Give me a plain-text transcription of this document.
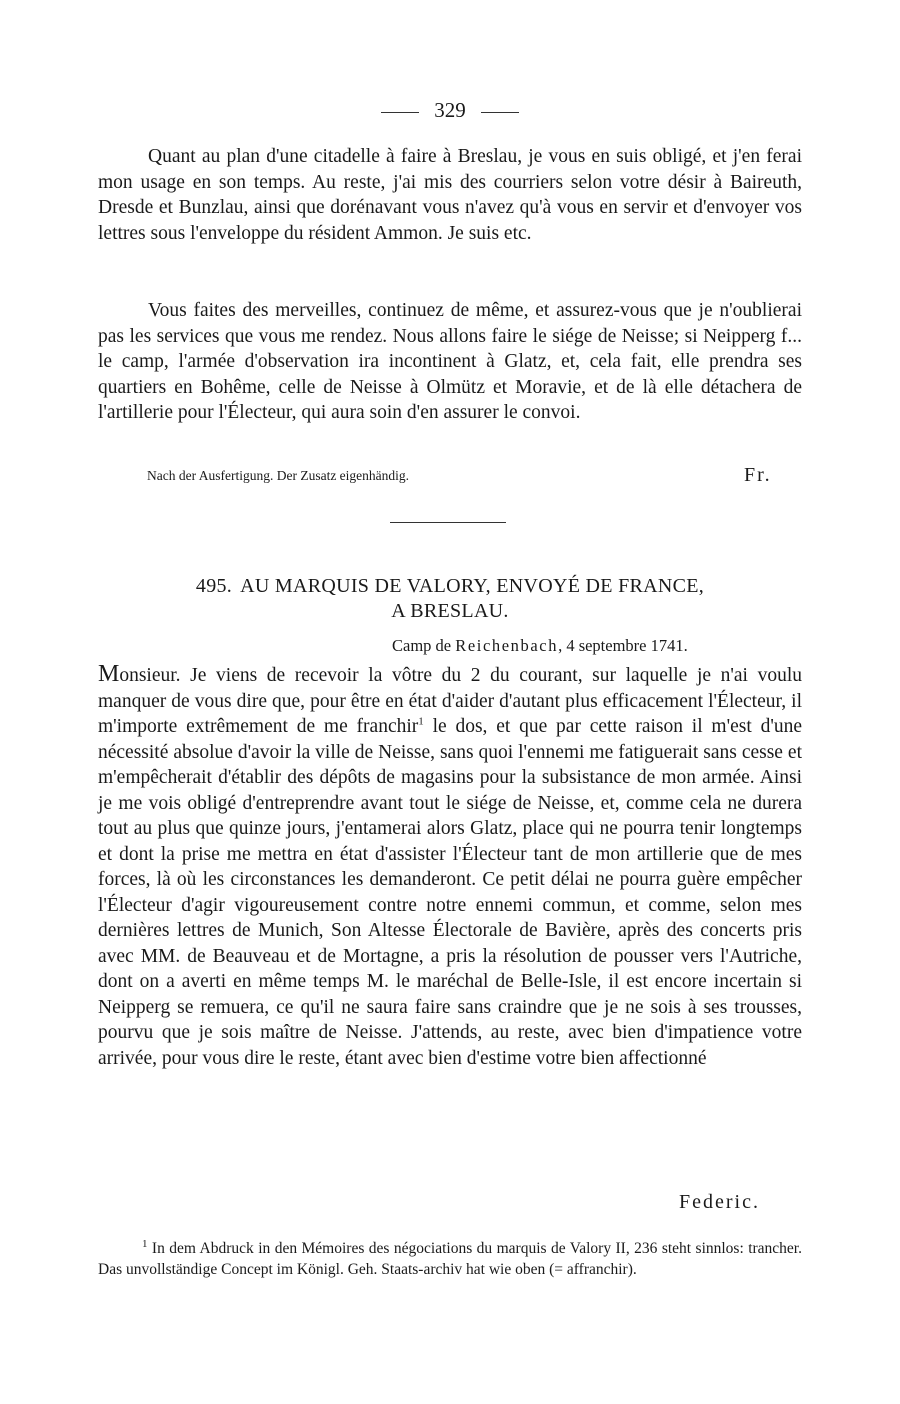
329

Quant au plan d'une citadelle à faire à Breslau, je vous en suis obligé, et j'en ferai mon usage en son temps. Au reste, j'ai mis des courriers selon votre désir à Baireuth, Dresde et Bunzlau, ainsi que dorénavant vous n'avez qu'à vous en servir et d'envoyer vos lettres sous l'enveloppe du résident Ammon. Je suis etc.

Vous faites des merveilles, continuez de même, et assurez-vous que je n'oublierai pas les services que vous me rendez. Nous allons faire le siége de Neisse; si Neipperg f... le camp, l'armée d'observation ira incontinent à Glatz, et, cela fait, elle prendra ses quartiers en Bohême, celle de Neisse à Olmütz et Moravie, et de là elle détachera de l'artillerie pour l'Électeur, qui aura soin d'en assurer le convoi.

Nach der Ausfertigung. Der Zusatz eigenhändig.	Fr.
495. AU MARQUIS DE VALORY, ENVOYÉ DE FRANCE,
A BRESLAU.
Camp de Reichenbach, 4 septembre 1741.

Monsieur. Je viens de recevoir la vôtre du 2 du courant, sur laquelle je n'ai voulu manquer de vous dire que, pour être en état d'aider d'autant plus efficacement l'Électeur, il m'importe extrêmement de me franchir$^1$ le dos, et que par cette raison il m'est d'une nécessité absolue d'avoir la ville de Neisse, sans quoi l'ennemi me fatiguerait sans cesse et m'empêcherait d'établir des dépôts de magasins pour la subsistance de mon armée. Ainsi je me vois obligé d'entreprendre avant tout le siége de Neisse, et, comme cela ne durera tout au plus que quinze jours, j'entamerai alors Glatz, place qui ne pourra tenir longtemps et dont la prise me mettra en état d'assister l'Électeur tant de mon artillerie que de mes forces, là où les circonstances les demanderont. Ce petit délai ne pourra guère empêcher l'Électeur d'agir vigoureusement contre notre ennemi commun, et comme, selon mes dernières lettres de Munich, Son Altesse Électorale de Bavière, après des concerts pris avec MM. de Beauveau et de Mortagne, a pris la résolution de pousser vers l'Autriche, dont on a averti en même temps M. le maréchal de Belle-Isle, il est encore incertain si Neipperg se remuera, ce qu'il ne saura faire sans craindre que je ne sois à ses trousses, pourvu que je sois maître de Neisse. J'attends, au reste, avec bien d'impatience votre arrivée, pour vous dire le reste, étant avec bien d'estime votre bien affectionné

Federic.

$^1$ In dem Abdruck in den Mémoires des négociations du marquis de Valory II, 236 steht sinnlos: trancher. Das unvollständige Concept im Königl. Geh. Staats-archiv hat wie oben (= affranchir).
